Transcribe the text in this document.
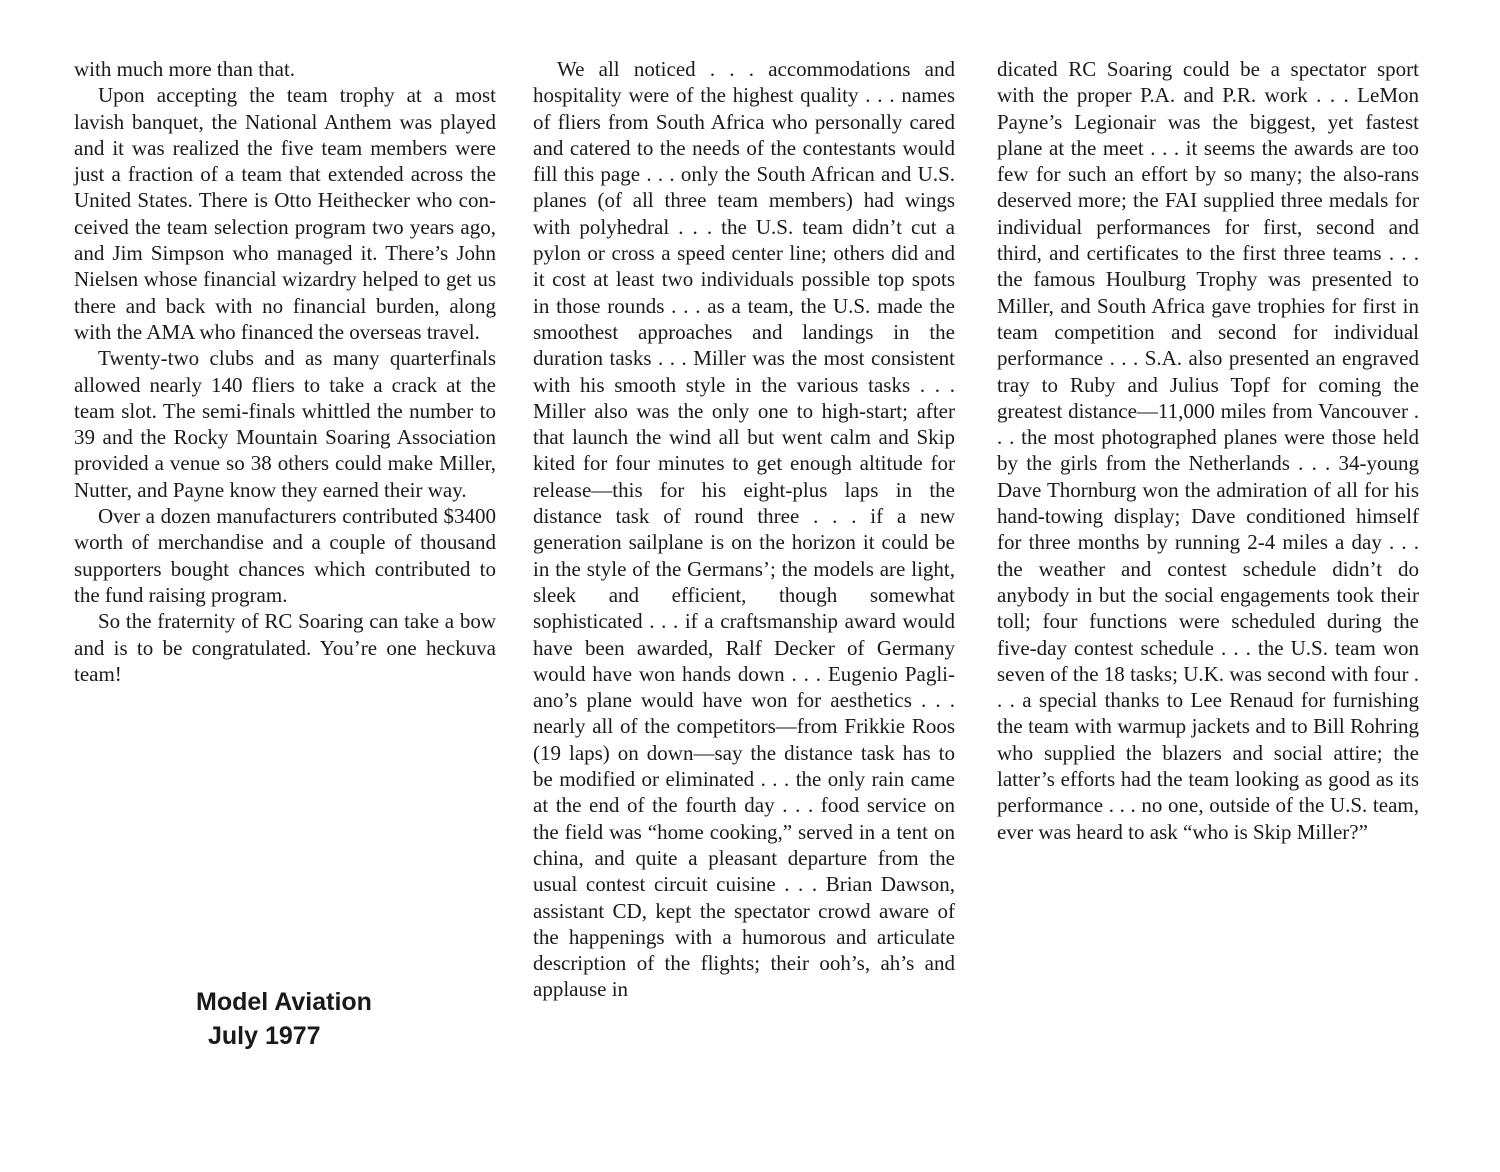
with much more than that.

Upon accepting the team trophy at a most lavish banquet, the National Anthem was played and it was realized the five team members were just a fraction of a team that extended across the United States. There is Otto Heithecker who conceived the team selection program two years ago, and Jim Simpson who managed it. There’s John Nielsen whose financial wizardry helped to get us there and back with no financial burden, along with the AMA who financed the overseas travel.

Twenty-two clubs and as many quarterfinals allowed nearly 140 fliers to take a crack at the team slot. The semi-finals whittled the number to 39 and the Rocky Mountain Soaring Association provided a venue so 38 others could make Miller, Nutter, and Payne know they earned their way.

Over a dozen manufacturers contributed $3400 worth of merchandise and a couple of thousand supporters bought chances which contributed to the fund raising program.

So the fraternity of RC Soaring can take a bow and is to be congratulated. You’re one heckuva team!

We all noticed . . . accommodations and hospitality were of the highest quality . . . names of fliers from South Africa who personally cared and catered to the needs of the contestants would fill this page . . . only the South African and U.S. planes (of all three team members) had wings with polyhedral . . . the U.S. team didn’t cut a pylon or cross a speed center line; others did and it cost at least two individuals possible top spots in those rounds . . . as a team, the U.S. made the smoothest approaches and landings in the duration tasks . . . Miller was the most consistent with his smooth style in the various tasks . . . Miller also was the only one to high-start; after that launch the wind all but went calm and Skip kited for four minutes to get enough altitude for release—this for his eight-plus laps in the distance task of round three . . . if a new generation sailplane is on the horizon it could be in the style of the Germans’; the models are light, sleek and efficient, though somewhat sophisticated . . . if a craftsmanship award would have been awarded, Ralf Decker of Germany would have won hands down . . . Eugenio Pagliano’s plane would have won for aesthetics . . . nearly all of the competitors—from Frikkie Roos (19 laps) on down—say the distance task has to be modified or eliminated . . . the only rain came at the end of the fourth day . . . food service on the field was “home cooking,” served in a tent on china, and quite a pleasant departure from the usual contest circuit cuisine . . . Brian Dawson, assistant CD, kept the spectator crowd aware of the happenings with a humorous and articulate description of the flights; their ooh’s, ah’s and applause in

dicated RC Soaring could be a spectator sport with the proper P.A. and P.R. work . . . LeMon Payne’s Legionair was the biggest, yet fastest plane at the meet . . . it seems the awards are too few for such an effort by so many; the also-rans deserved more; the FAI supplied three medals for individual performances for first, second and third, and certificates to the first three teams . . . the famous Houlburg Trophy was presented to Miller, and South Africa gave trophies for first in team competition and second for individual performance . . . S.A. also presented an engraved tray to Ruby and Julius Topf for coming the greatest distance—11,000 miles from Vancouver . . . the most photographed planes were those held by the girls from the Netherlands . . . 34-young Dave Thornburg won the admiration of all for his hand-towing display; Dave conditioned himself for three months by running 2-4 miles a day . . . the weather and contest schedule didn’t do anybody in but the social engagements took their toll; four functions were scheduled during the five-day contest schedule . . . the U.S. team won seven of the 18 tasks; U.K. was second with four . . . a special thanks to Lee Renaud for furnishing the team with warmup jackets and to Bill Rohring who supplied the blazers and social attire; the latter’s efforts had the team looking as good as its performance . . . no one, outside of the U.S. team, ever was heard to ask “who is Skip Miller?”

Model Aviation
July 1977
